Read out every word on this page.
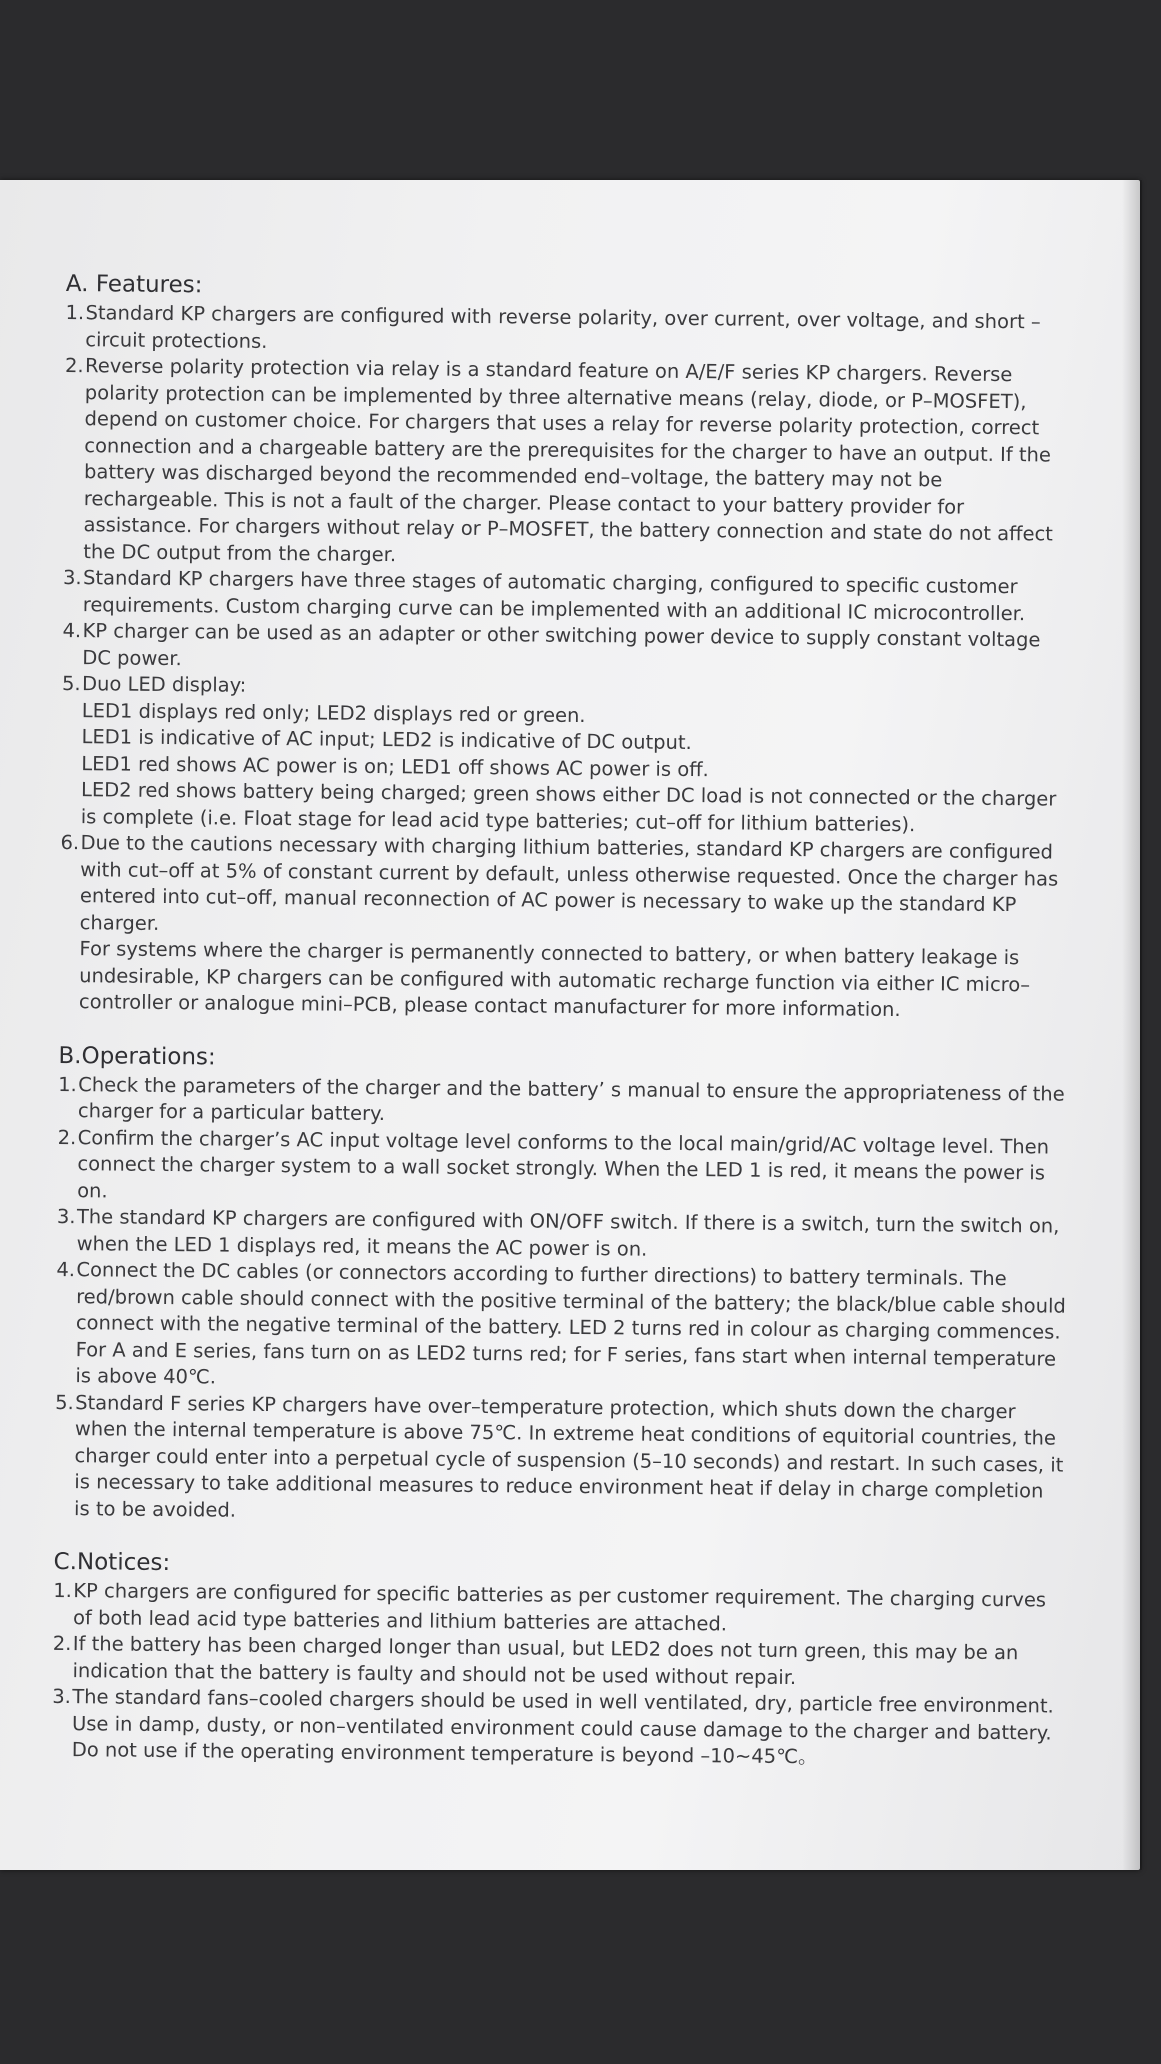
A. Features:
1. Standard KP chargers are configured with reverse polarity, over current, over voltage, and short –circuit protections.

2. Reverse polarity protection via relay is a standard feature on A/E/F series KP chargers. Reverse polarity protection can be implemented by three alternative means (relay, diode, or P–MOSFET), depend on customer choice. For chargers that uses a relay for reverse polarity protection, correct connection and a chargeable battery are the prerequisites for the charger to have an output. If the battery was discharged beyond the recommended end–voltage, the battery may not be rechargeable. This is not a fault of the charger. Please contact to your battery provider for assistance. For chargers without relay or P–MOSFET, the battery connection and state do not affect the DC output from the charger.

3. Standard KP chargers have three stages of automatic charging, configured to specific customer requirements. Custom charging curve can be implemented with an additional IC microcontroller.

4. KP charger can be used as an adapter or other switching power device to supply constant voltage DC power.

5. Duo LED display:

LED1 displays red only; LED2 displays red or green.

LED1 is indicative of AC input; LED2 is indicative of DC output.

LED1 red shows AC power is on; LED1 off shows AC power is off.

LED2 red shows battery being charged; green shows either DC load is not connected or the charger is complete (i.e. Float stage for lead acid type batteries; cut–off for lithium batteries).

6. Due to the cautions necessary with charging lithium batteries, standard KP chargers are configured with cut–off at 5% of constant current by default, unless otherwise requested. Once the charger has entered into cut–off, manual reconnection of AC power is necessary to wake up the standard KP charger.

For systems where the charger is permanently connected to battery, or when battery leakage is undesirable, KP chargers can be configured with automatic recharge function via either IC micro–controller or analogue mini–PCB, please contact manufacturer for more information.

B.Operations:
1. Check the parameters of the charger and the battery’ s manual to ensure the appropriateness of the charger for a particular battery.

2. Confirm the charger’s AC input voltage level conforms to the local main/grid/AC voltage level. Then connect the charger system to a wall socket strongly. When the LED 1 is red, it means the power is on.

3. The standard KP chargers are configured with ON/OFF switch. If there is a switch, turn the switch on, when the LED 1 displays red, it means the AC power is on.

4. Connect the DC cables (or connectors according to further directions) to battery terminals. The red/brown cable should connect with the positive terminal of the battery; the black/blue cable should connect with the negative terminal of the battery. LED 2 turns red in colour as charging commences. For A and E series, fans turn on as LED2 turns red; for F series, fans start when internal temperature is above 40℃.

5. Standard F series KP chargers have over–temperature protection, which shuts down the charger when the internal temperature is above 75℃. In extreme heat conditions of equitorial countries, the charger could enter into a perpetual cycle of suspension (5–10 seconds) and restart. In such cases, it is necessary to take additional measures to reduce environment heat if delay in charge completion is to be avoided.

C.Notices:
1. KP chargers are configured for specific batteries as per customer requirement. The charging curves of both lead acid type batteries and lithium batteries are attached.

2. If the battery has been charged longer than usual, but LED2 does not turn green, this may be an indication that the battery is faulty and should not be used without repair.

3. The standard fans–cooled chargers should be used in well ventilated, dry, particle free environment. Use in damp, dusty, or non–ventilated environment could cause damage to the charger and battery. Do not use if the operating environment temperature is beyond –10~45℃。
